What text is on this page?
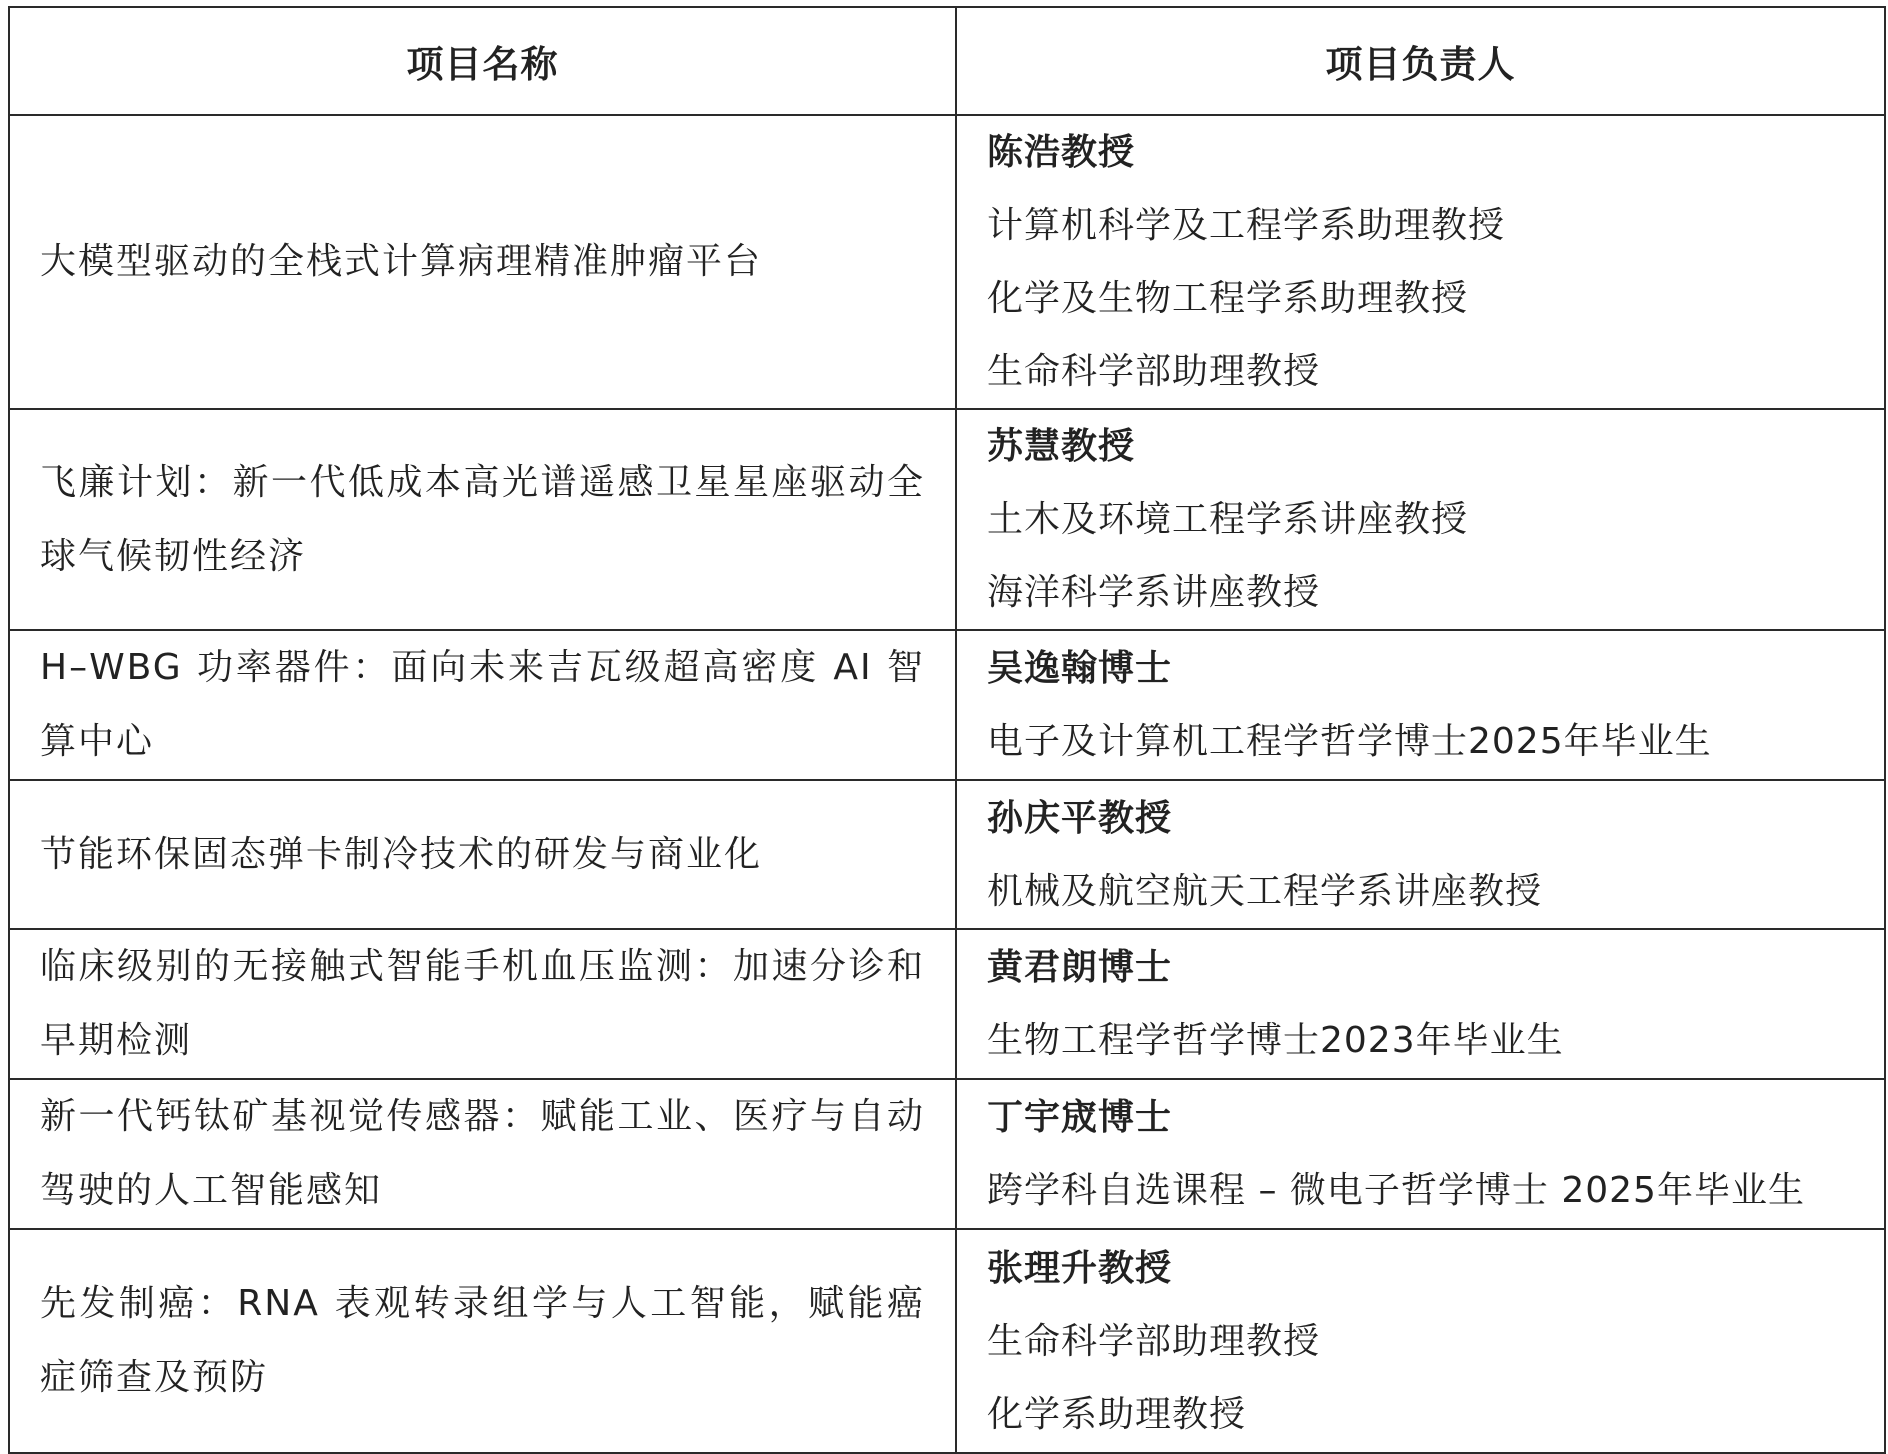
项目名称	项目负责人
大模型驱动的全栈式计算病理精准肿瘤平台	陈浩教授
计算机科学及工程学系助理教授
化学及生物工程学系助理教授
生命科学部助理教授

飞廉计划：新一代低成本高光谱遥感卫星星座驱动全球气候韧性经济	苏慧教授
土木及环境工程学系讲座教授
海洋科学系讲座教授

H–WBG 功率器件：面向未来吉瓦级超高密度 AI 智算中心	吴逸翰博士
电子及计算机工程学哲学博士2025年毕业生

节能环保固态弹卡制冷技术的研发与商业化	孙庆平教授
机械及航空航天工程学系讲座教授

临床级别的无接触式智能手机血压监测：加速分诊和早期检测	黄君朗博士
生物工程学哲学博士2023年毕业生

新一代钙钛矿基视觉传感器：赋能工业、医疗与自动驾驶的人工智能感知	丁宇宬博士
跨学科自选课程 – 微电子哲学博士 2025年毕业生

先发制癌：RNA 表观转录组学与人工智能，赋能癌症筛查及预防	张理升教授
生命科学部助理教授
化学系助理教授
